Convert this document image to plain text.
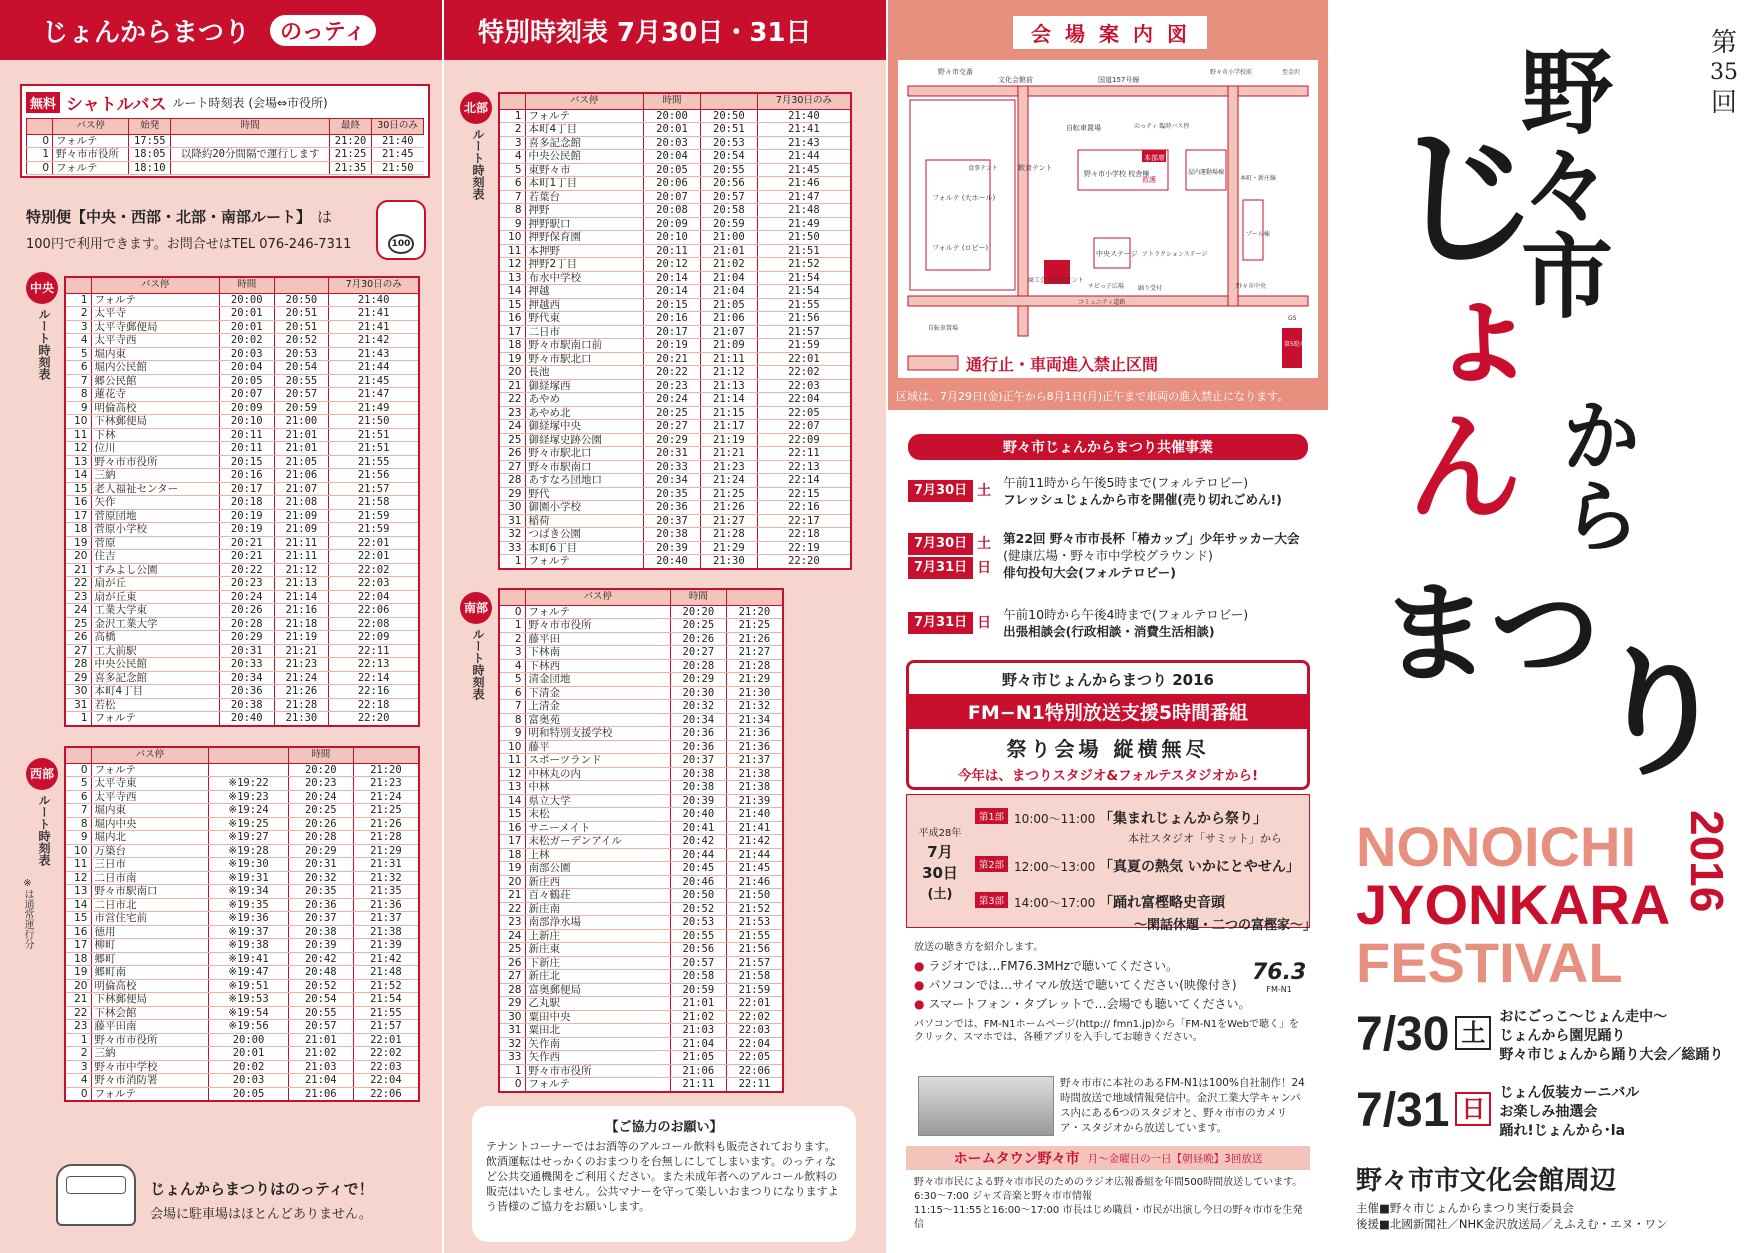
じょんからまつり	のっティ	特別時刻表 7月30日・31日
無料 シャトルバス ルート時刻表 (会場⇔市役所)
	バス停	始発	時間	最終	30日のみ
0	フォルテ	17:55		21:20	21:40
1	野々市市役所	18:05	以降約20分間隔で運行します	21:25	21:45
0	フォルテ	18:10		21:35	21:50
特別便【中央・西部・北部・南部ルート】 は
100円で利用できます。お問合せはTEL 076-246-7311	100
中央
ルート時刻表
	バス停	時間		7月30日のみ
1	フォルテ	20:00	20:50	21:40
2	太平寺	20:01	20:51	21:41
3	太平寺郵便局	20:01	20:51	21:41
4	太平寺西	20:02	20:52	21:42
5	堀内東	20:03	20:53	21:43
6	堀内公民館	20:04	20:54	21:44
7	郷公民館	20:05	20:55	21:45
8	蓮花寺	20:07	20:57	21:47
9	明倫高校	20:09	20:59	21:49
10	下林郵便局	20:10	21:00	21:50
11	下林	20:11	21:01	21:51
12	位川	20:11	21:01	21:51
13	野々市市役所	20:15	21:05	21:55
14	三納	20:16	21:06	21:56
15	老人福祉センター	20:17	21:07	21:57
16	矢作	20:18	21:08	21:58
17	菅原団地	20:19	21:09	21:59
18	菅原小学校	20:19	21:09	21:59
19	菅原	20:21	21:11	22:01
20	住吉	20:21	21:11	22:01
21	すみよし公園	20:22	21:12	22:02
22	扇が丘	20:23	21:13	22:03
23	扇が丘東	20:24	21:14	22:04
24	工業大学東	20:26	21:16	22:06
25	金沢工業大学	20:28	21:18	22:08
26	高橋	20:29	21:19	22:09
27	工大前駅	20:31	21:21	22:11
28	中央公民館	20:33	21:23	22:13
29	喜多記念館	20:34	21:24	22:14
30	本町4丁目	20:36	21:26	22:16
31	若松	20:38	21:28	22:18
1	フォルテ	20:40	21:30	22:20
西部
ルート時刻表
※は通常運行分
	バス停		時間	
0	フォルテ		20:20	21:20
5	太平寺東	※19:22	20:23	21:23
6	太平寺西	※19:23	20:24	21:24
7	堀内東	※19:24	20:25	21:25
8	堀内中央	※19:25	20:26	21:26
9	堀内北	※19:27	20:28	21:28
10	万築台	※19:28	20:29	21:29
11	三日市	※19:30	20:31	21:31
12	二日市南	※19:31	20:32	21:32
13	野々市駅南口	※19:34	20:35	21:35
14	二日市北	※19:35	20:36	21:36
15	市営住宅前	※19:36	20:37	21:37
16	徳用	※19:37	20:38	21:38
17	柳町	※19:38	20:39	21:39
18	郷町	※19:41	20:42	21:42
19	郷町南	※19:47	20:48	21:48
20	明倫高校	※19:51	20:52	21:52
21	下林郵便局	※19:53	20:54	21:54
22	下林会館	※19:54	20:55	21:55
23	藤平田南	※19:56	20:57	21:57
1	野々市市役所	20:00	21:01	22:01
2	三納	20:01	21:02	22:02
3	野々市中学校	20:02	21:03	22:03
4	野々市消防署	20:03	21:04	22:04
0	フォルテ	20:05	21:06	22:06
じょんからまつりはのっティで！
会場に駐車場はほとんどありません。
北部
ルート時刻表
	バス停	時間		7月30日のみ
1	フォルテ	20:00	20:50	21:40
2	本町4丁目	20:01	20:51	21:41
3	喜多記念館	20:03	20:53	21:43
4	中央公民館	20:04	20:54	21:44
5	東野々市	20:05	20:55	21:45
6	本町1丁目	20:06	20:56	21:46
7	若葉台	20:07	20:57	21:47
8	押野	20:08	20:58	21:48
9	押野駅口	20:09	20:59	21:49
10	押野保育園	20:10	21:00	21:50
11	本押野	20:11	21:01	21:51
12	押野2丁目	20:12	21:02	21:52
13	布水中学校	20:14	21:04	21:54
14	押越	20:14	21:04	21:54
15	押越西	20:15	21:05	21:55
16	野代東	20:16	21:06	21:56
17	二日市	20:17	21:07	21:57
18	野々市駅南口前	20:19	21:09	21:59
19	野々市駅北口	20:21	21:11	22:01
20	長池	20:22	21:12	22:02
21	御経塚西	20:23	21:13	22:03
22	あやめ	20:24	21:14	22:04
23	あやめ北	20:25	21:15	22:05
24	御経塚中央	20:27	21:17	22:07
25	御経塚史跡公園	20:29	21:19	22:09
26	野々市駅北口	20:31	21:21	22:11
27	野々市駅南口	20:33	21:23	22:13
28	あすなろ団地口	20:34	21:24	22:14
29	野代	20:35	21:25	22:15
30	御園小学校	20:36	21:26	22:16
31	稲荷	20:37	21:27	22:17
32	つばき公園	20:38	21:28	22:18
33	本町6丁目	20:39	21:29	22:19
1	フォルテ	20:40	21:30	22:20
南部
ルート時刻表
	バス停	時間	
0	フォルテ	20:20	21:20
1	野々市市役所	20:25	21:25
2	藤平田	20:26	21:26
3	下林南	20:27	21:27
4	下林西	20:28	21:28
5	清金団地	20:29	21:29
6	下清金	20:30	21:30
7	上清金	20:32	21:32
8	富奥苑	20:34	21:34
9	明和特別支援学校	20:36	21:36
10	藤平	20:36	21:36
11	スポーツランド	20:37	21:37
12	中林丸の内	20:38	21:38
13	中林	20:38	21:38
14	県立大学	20:39	21:39
15	末松	20:40	21:40
16	サニーメイト	20:41	21:41
17	末松ガーデンアイル	20:42	21:42
18	上林	20:44	21:44
19	南部公園	20:45	21:45
20	新庄西	20:46	21:46
21	百々鶴荘	20:50	21:50
22	新庄南	20:52	21:52
23	南部浄水場	20:53	21:53
24	上新庄	20:55	21:55
25	新庄東	20:56	21:56
26	下新庄	20:57	21:57
27	新庄北	20:58	21:58
28	富奥郵便局	20:59	21:59
29	乙丸駅	21:01	22:01
30	粟田中央	21:02	22:02
31	粟田北	21:03	22:03
32	矢作南	21:04	22:04
33	矢作西	21:05	22:05
1	野々市市役所	21:06	22:06
0	フォルテ	21:11	22:11
【ご協力のお願い】
テナントコーナーではお酒等のアルコール飲料も販売されております。飲酒運転はせっかくのおまつりを台無しにしてしまいます。のっティなど公共交通機関をご利用ください。また未成年者へのアルコール飲料の販売はいたしません。公共マナーを守って楽しいおまつりになりますよう皆様のご協力をお願いします。
会場案内図
野々市交番
文化会館前	国道157号線
野々市小学校前	至金沢
自転車置場	のっティ 臨時バス停
食事テント	飲食テント
野々市小学校 校舎棟	屋内運動場棟
救護
本部席
フォルテ (大ホール)
フォルテ (ロビー)
中央ステージ アトラクションステージ
チビっ子広場 踊り受付
商工会 青年部テント
プール棟
コミュニティ道路
自転車置場
GS
第5駐車場
本町・新庄線
野々市中央
通行止・車両進入禁止区間
区域は、7月29日(金)正午から8月1日(月)正午まで車両の進入禁止になります。
野々市じょんからまつり共催事業
7月30日 土
午前11時から午後5時まで(フォルテロビー)
フレッシュじょんから市を開催(売り切れごめん!)
7月30日 土
7月31日 日
第22回 野々市市長杯「椿カップ」少年サッカー大会
(健康広場・野々市中学校グラウンド)
俳句投句大会(フォルテロビー)
7月31日 日
午前10時から午後4時まで(フォルテロビー)
出張相談会(行政相談・消費生活相談)
野々市じょんからまつり 2016
FM−N1特別放送支援5時間番組
祭り会場 縦横無尽
今年は、まつりスタジオ&フォルテスタジオから!
平成28年
7月
30日
(土)
第1部 10:00〜11:00 「集まれじょんから祭り」
本社スタジオ「サミット」から
第2部 12:00〜13:00 「真夏の熱気 いかにとやせん」
第3部 14:00〜17:00 「踊れ富樫略史音頭
〜閑話休題・二つの富樫家〜」
放送の聴き方を紹介します。
● ラジオでは…FM76.3MHzで聴いてください。
● パソコンでは…サイマル放送で聴いてください(映像付き)
● スマートフォン・タブレットで…会場でも聴いてください。
パソコンでは、FM-N1ホームページ(http:// fmn1.jp)から「FM-N1をWebで聴く」をクリック、スマホでは、各種アプリを入手してお聴きください。
76.3
FM-N1
野々市市に本社のあるFM-N1は100%自社制作！24時間放送で地域情報発信中。金沢工業大学キャンパス内にある6つのスタジオと、野々市市のカメリア・スタジオから放送しています。
ホームタウン野々市 月〜金曜日の一日【朝昼晩】3回放送
野々市市民による野々市市民のためのラジオ広報番組を年間500時間放送しています。
6:30〜7:00 ジャズ音楽と野々市市情報
11:15〜11:55と16:00〜17:00 市長はじめ職員・市民が出演し今日の野々市市を生発信
第
35
回
野々市
じ
ょん から
まつ
り
NONOICHI
JYONKARA
FESTIVAL
2016
7/30 土
おにごっこ〜じょん走中〜
じょんから園児踊り
野々市じょんから踊り大会／総踊り
7/31 日
じょん仮装カーニバル
お楽しみ抽選会
踊れ!じょんから･la
野々市市文化会館周辺
主催■野々市じょんからまつり実行委員会
後援■北國新聞社／NHK金沢放送局／えふえむ・エヌ・ワン
